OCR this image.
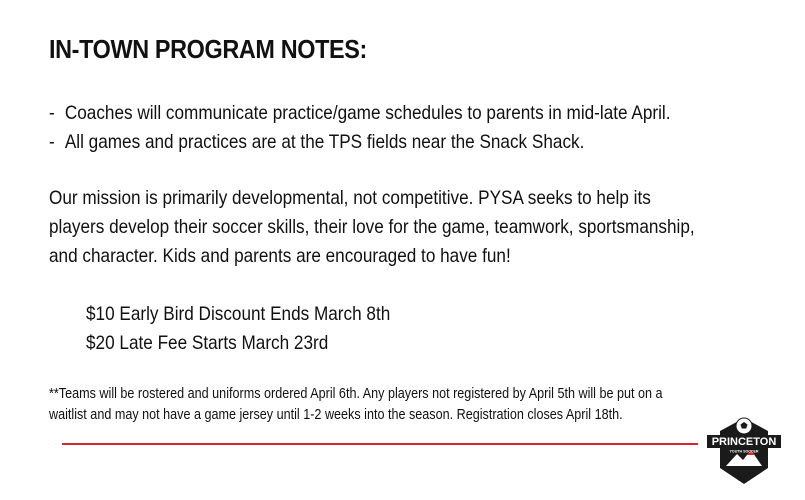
IN-TOWN PROGRAM NOTES:
- Coaches will communicate practice/game schedules to parents in mid-late April.
- All games and practices are at the TPS fields near the Snack Shack.
Our mission is primarily developmental, not competitive. PYSA seeks to help its
players develop their soccer skills, their love for the game, teamwork, sportsmanship,
and character. Kids and parents are encouraged to have fun!
$10 Early Bird Discount Ends March 8th
$20 Late Fee Starts March 23rd
**Teams will be rostered and uniforms ordered April 6th. Any players not registered by April 5th will be put on a
waitlist and may not have a game jersey until 1-2 weeks into the season. Registration closes April 18th.
PRINCETON
YOUTH SOCCER
